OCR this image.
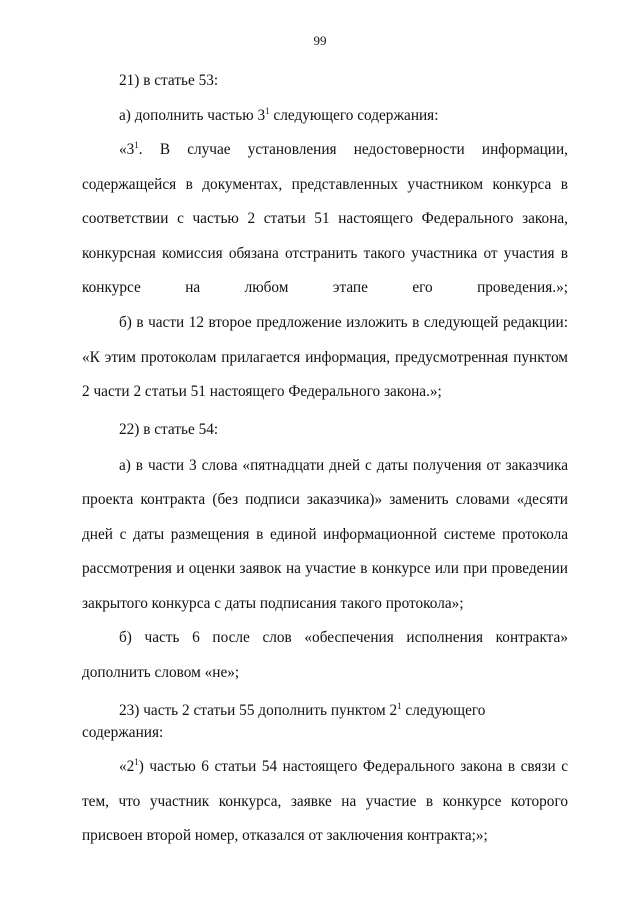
99

21) в статье 53:

а) дополнить частью $3^1$ следующего содержания:

«$3^1$. В случае установления недостоверности информации, содержащейся в документах, представленных участником конкурса в соответствии с частью 2 статьи 51 настоящего Федерального закона, конкурсная комиссия обязана отстранить такого участника от участия в конкурсе на любом этапе его проведения.»;

б) в части 12 второе предложение изложить в следующей редакции: «К этим протоколам прилагается информация, предусмотренная пунктом 2 части 2 статьи 51 настоящего Федерального закона.»;

22) в статье 54:

а) в части 3 слова «пятнадцати дней с даты получения от заказчика проекта контракта (без подписи заказчика)» заменить словами «десяти дней с даты размещения в единой информационной системе протокола рассмотрения и оценки заявок на участие в конкурсе или при проведении закрытого конкурса с даты подписания такого протокола»;

б) часть 6 после слов «обеспечения исполнения контракта» дополнить словом «не»;

23) часть 2 статьи 55 дополнить пунктом $2^1$ следующего содержания:

«$2^1$) частью 6 статьи 54 настоящего Федерального закона в связи с тем, что участник конкурса, заявке на участие в конкурсе которого присвоен второй номер, отказался от заключения контракта;»;
